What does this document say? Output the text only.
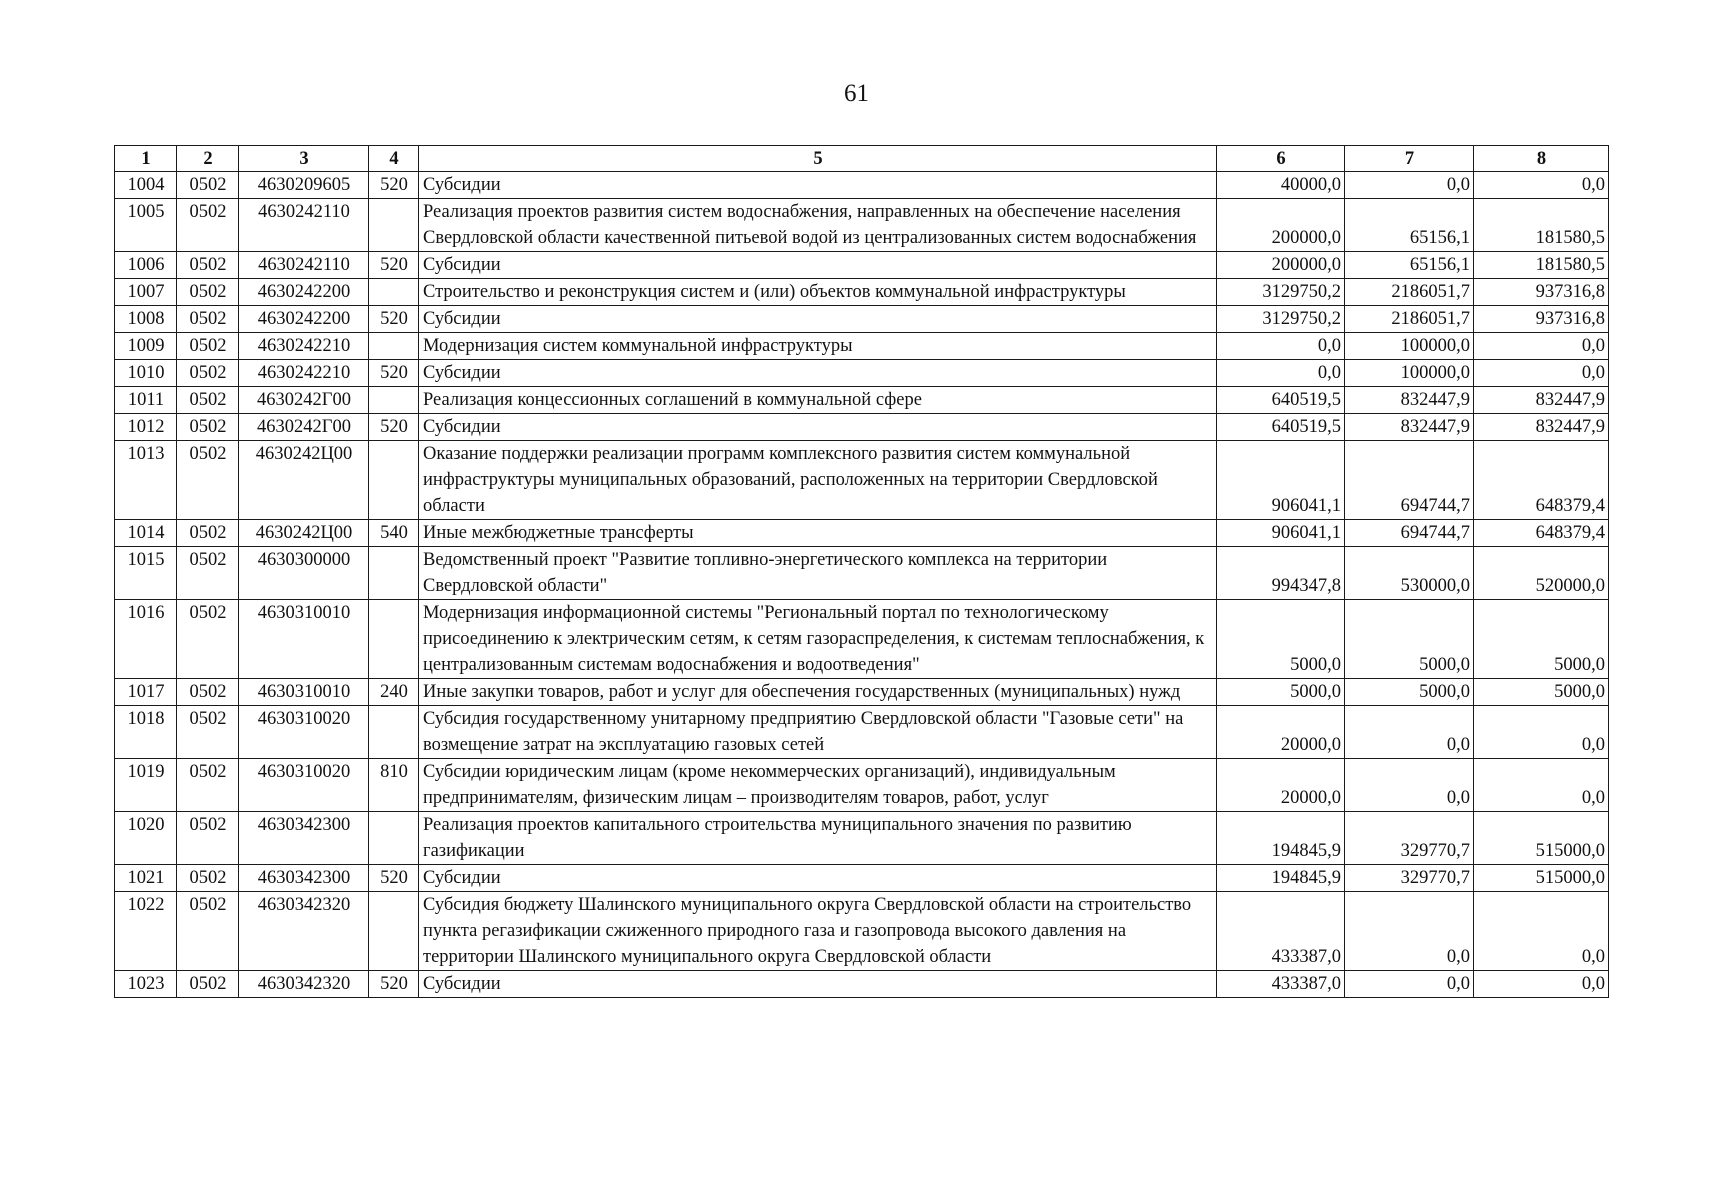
61
1	2	3	4	5	6	7	8
1004	0502	4630209605	520	Субсидии	40000,0	0,0	0,0
1005	0502	4630242110		Реализация проектов развития систем водоснабжения, направленных на обеспечение населения Свердловской области качественной питьевой водой из централизованных систем водоснабжения	200000,0	65156,1	181580,5
1006	0502	4630242110	520	Субсидии	200000,0	65156,1	181580,5
1007	0502	4630242200		Строительство и реконструкция систем и (или) объектов коммунальной инфраструктуры	3129750,2	2186051,7	937316,8
1008	0502	4630242200	520	Субсидии	3129750,2	2186051,7	937316,8
1009	0502	4630242210		Модернизация систем коммунальной инфраструктуры	0,0	100000,0	0,0
1010	0502	4630242210	520	Субсидии	0,0	100000,0	0,0
1011	0502	4630242Г00		Реализация концессионных соглашений в коммунальной сфере	640519,5	832447,9	832447,9
1012	0502	4630242Г00	520	Субсидии	640519,5	832447,9	832447,9
1013	0502	4630242Ц00		Оказание поддержки реализации программ комплексного развития систем коммунальной инфраструктуры муниципальных образований, расположенных на территории Свердловской области	906041,1	694744,7	648379,4
1014	0502	4630242Ц00	540	Иные межбюджетные трансферты	906041,1	694744,7	648379,4
1015	0502	4630300000		Ведомственный проект "Развитие топливно-энергетического комплекса на территории Свердловской области"	994347,8	530000,0	520000,0
1016	0502	4630310010		Модернизация информационной системы "Региональный портал по технологическому присоединению к электрическим сетям, к сетям газораспределения, к системам теплоснабжения, к централизованным системам водоснабжения и водоотведения"	5000,0	5000,0	5000,0
1017	0502	4630310010	240	Иные закупки товаров, работ и услуг для обеспечения государственных (муниципальных) нужд	5000,0	5000,0	5000,0
1018	0502	4630310020		Субсидия государственному унитарному предприятию Свердловской области "Газовые сети" на возмещение затрат на эксплуатацию газовых сетей	20000,0	0,0	0,0
1019	0502	4630310020	810	Субсидии юридическим лицам (кроме некоммерческих организаций), индивидуальным предпринимателям, физическим лицам – производителям товаров, работ, услуг	20000,0	0,0	0,0
1020	0502	4630342300		Реализация проектов капитального строительства муниципального значения по развитию газификации	194845,9	329770,7	515000,0
1021	0502	4630342300	520	Субсидии	194845,9	329770,7	515000,0
1022	0502	4630342320		Субсидия бюджету Шалинского муниципального округа Свердловской области на строительство пункта регазификации сжиженного природного газа и газопровода высокого давления на территории Шалинского муниципального округа Свердловской области	433387,0	0,0	0,0
1023	0502	4630342320	520	Субсидии	433387,0	0,0	0,0
